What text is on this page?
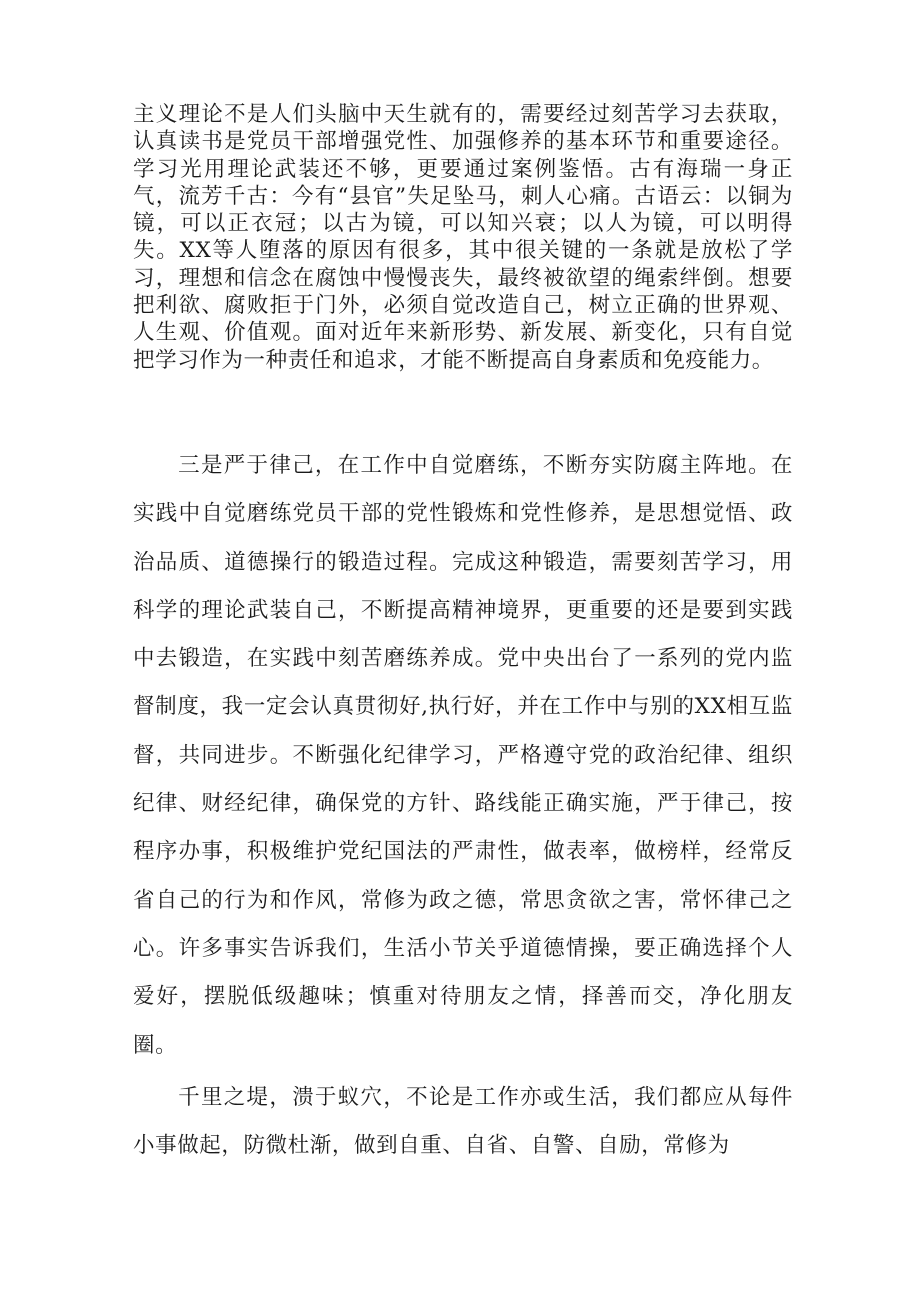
主义理论不是人们头脑中天生就有的，需要经过刻苦学习去获取，认真读书是党员干部增强党性、加强修养的基本环节和重要途径。学习光用理论武装还不够，更要通过案例鉴悟。古有海瑞一身正气，流芳千古：今有“县官”失足坠马，刺人心痛。古语云：以铜为镜，可以正衣冠；以古为镜，可以知兴衰；以人为镜，可以明得失。XX等人堕落的原因有很多，其中很关键的一条就是放松了学习，理想和信念在腐蚀中慢慢丧失，最终被欲望的绳索绊倒。想要把利欲、腐败拒于门外，必须自觉改造自己，树立正确的世界观、人生观、价值观。面对近年来新形势、新发展、新变化，只有自觉把学习作为一种责任和追求，才能不断提高自身素质和免疫能力。

三是严于律己，在工作中自觉磨练，不断夯实防腐主阵地。在实践中自觉磨练党员干部的党性锻炼和党性修养，是思想觉悟、政治品质、道德操行的锻造过程。完成这种锻造，需要刻苦学习，用科学的理论武装自己，不断提高精神境界，更重要的还是要到实践中去锻造，在实践中刻苦磨练养成。党中央出台了一系列的党内监督制度，我一定会认真贯彻好,执行好，并在工作中与别的XX相互监督，共同进步。不断强化纪律学习，严格遵守党的政治纪律、组织纪律、财经纪律，确保党的方针、路线能正确实施，严于律己，按程序办事，积极维护党纪国法的严肃性，做表率，做榜样，经常反省自己的行为和作风，常修为政之德，常思贪欲之害，常怀律己之心。许多事实告诉我们，生活小节关乎道德情操，要正确选择个人爱好，摆脱低级趣味；慎重对待朋友之情，择善而交，净化朋友圈。

千里之堤，溃于蚁穴，不论是工作亦或生活，我们都应从每件小事做起，防微杜渐，做到自重、自省、自警、自励，常修为
